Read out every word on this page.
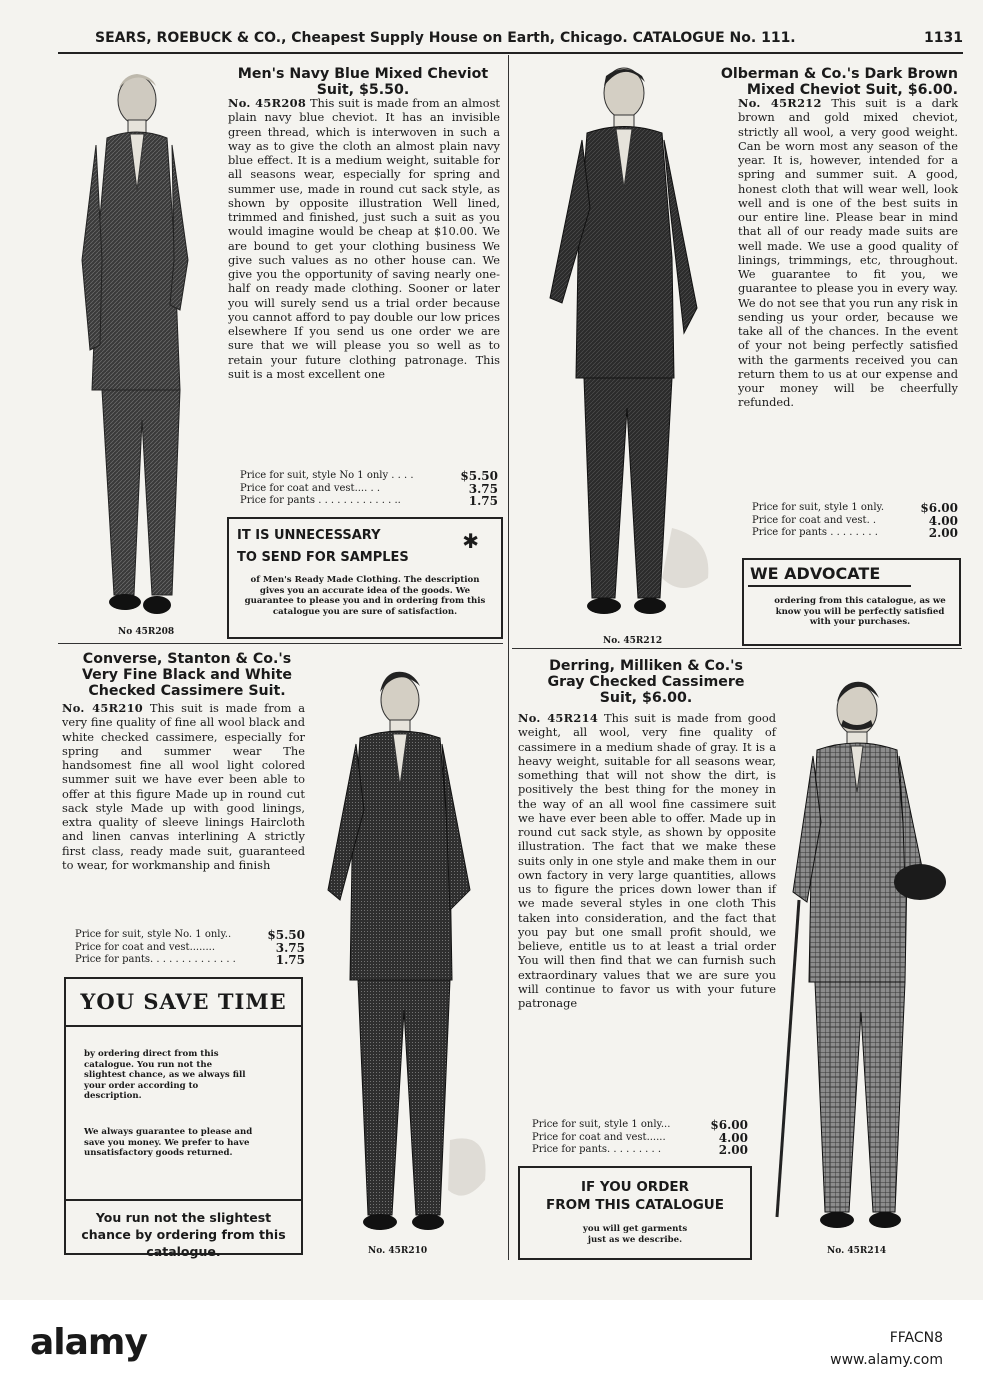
SEARS, ROEBUCK & CO., Cheapest Supply House on Earth, Chicago. CATALOGUE No. 111.	1131
No 45R208
Men's Navy Blue Mixed Cheviot
Suit, $5.50.
No. 45R208 This suit is made from an almost plain navy blue cheviot. It has an invisible green thread, which is interwoven in such a way as to give the cloth an almost plain navy blue effect. It is a medium weight, suitable for all seasons wear, especially for spring and summer use, made in round cut sack style, as shown by opposite illustration Well lined, trimmed and finished, just such a suit as you would imagine would be cheap at $10.00. We are bound to get your clothing business We give such values as no other house can. We give you the opportunity of saving nearly one-half on ready made clothing. Sooner or later you will surely send us a trial order because you cannot afford to pay double our low prices elsewhere If you send us one order we are sure that we will please you so well as to retain your future clothing patronage. This suit is a most excellent one
Price for suit, style No 1 only . . . .	$5.50
Price for coat and vest.... . .	3.75
Price for pants . . . . . . . . . . . . ..	1.75
IT IS UNNECESSARY
TO SEND FOR SAMPLES
✱
of Men's Ready Made Clothing. The description gives you an accurate idea of the goods. We guarantee to please you and in ordering from this catalogue you are sure of satisfaction.
No. 45R212
Olberman & Co.'s Dark Brown
Mixed Cheviot Suit, $6.00.
No. 45R212 This suit is a dark brown and gold mixed cheviot, strictly all wool, a very good weight. Can be worn most any season of the year. It is, however, intended for a spring and summer suit. A good, honest cloth that will wear well, look well and is one of the best suits in our entire line. Please bear in mind that all of our ready made suits are well made. We use a good quality of linings, trimmings, etc, throughout. We guarantee to fit you, we guarantee to please you in every way. We do not see that you run any risk in sending us your order, because we take all of the chances. In the event of your not being perfectly satisfied with the garments received you can return them to us at our expense and your money will be cheerfully refunded.
Price for suit, style 1 only.	$6.00
Price for coat and vest. .	4.00
Price for pants . . . . . . . .	2.00
WE ADVOCATE
ordering from this catalogue, as we know you will be perfectly satisfied with your purchases.
Converse, Stanton & Co.'s
Very Fine Black and White
Checked Cassimere Suit.
No. 45R210 This suit is made from a very fine quality of fine all wool black and white checked cassimere, especially for spring and summer wear The handsomest fine all wool light colored summer suit we have ever been able to offer at this figure Made up in round cut sack style Made up with good linings, extra quality of sleeve linings Haircloth and linen canvas interlining A strictly first class, ready made suit, guaranteed to wear, for workmanship and finish
Price for suit, style No. 1 only..	$5.50
Price for coat and vest........	3.75
Price for pants. . . . . . . . . . . . . .	1.75
YOU SAVE TIME
by ordering direct from this catalogue. You run not the slightest chance, as we always fill your order according to description.
We always guarantee to please and save you money. We prefer to have unsatisfactory goods returned.
You run not the slightest chance by ordering from this catalogue.	No. 45R210
Derring, Milliken & Co.'s
Gray Checked Cassimere
Suit, $6.00.
No. 45R214 This suit is made from good weight, all wool, very fine quality of cassimere in a medium shade of gray. It is a heavy weight, suitable for all seasons wear, something that will not show the dirt, is positively the best thing for the money in the way of an all wool fine cassimere suit we have ever been able to offer. Made up in round cut sack style, as shown by opposite illustration. The fact that we make these suits only in one style and make them in our own factory in very large quantities, allows us to figure the prices down lower than if we made several styles in one cloth This taken into consideration, and the fact that you pay but one small profit should, we believe, entitle us to at least a trial order You will then find that we can furnish such extraordinary values that we are sure you will continue to favor us with your future patronage
Price for suit, style 1 only...	$6.00
Price for coat and vest......	4.00
Price for pants. . . . . . . . .	2.00
IF YOU ORDER
FROM THIS CATALOGUE
you will get garments just as we describe.
No. 45R214
alamy	FFACN8
www.alamy.com
